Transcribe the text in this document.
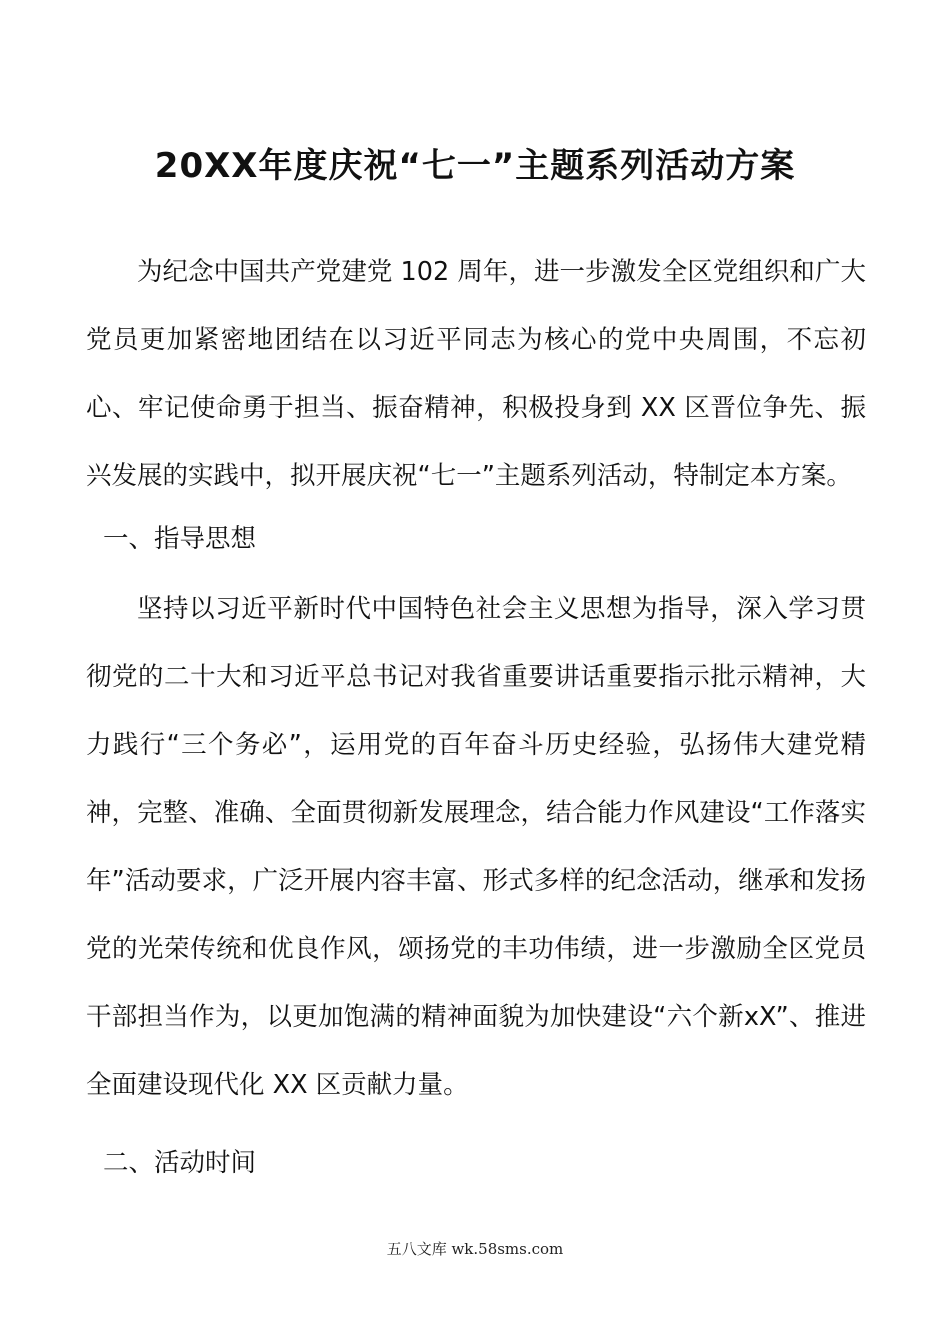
20XX年度庆祝“七一”主题系列活动方案

为纪念中国共产党建党 102 周年，进一步激发全区党组织和广大党员更加紧密地团结在以习近平同志为核心的党中央周围，不忘初心、牢记使命勇于担当、振奋精神，积极投身到 XX 区晋位争先、振兴发展的实践中，拟开展庆祝“七一”主题系列活动，特制定本方案。

一、指导思想

坚持以习近平新时代中国特色社会主义思想为指导，深入学习贯彻党的二十大和习近平总书记对我省重要讲话重要指示批示精神，大力践行“三个务必”，运用党的百年奋斗历史经验，弘扬伟大建党精神，完整、准确、全面贯彻新发展理念，结合能力作风建设“工作落实年”活动要求，广泛开展内容丰富、形式多样的纪念活动，继承和发扬党的光荣传统和优良作风，颂扬党的丰功伟绩，进一步激励全区党员干部担当作为，以更加饱满的精神面貌为加快建设“六个新xX”、推进全面建设现代化 XX 区贡献力量。

二、活动时间

五八文库 wk.58sms.com
